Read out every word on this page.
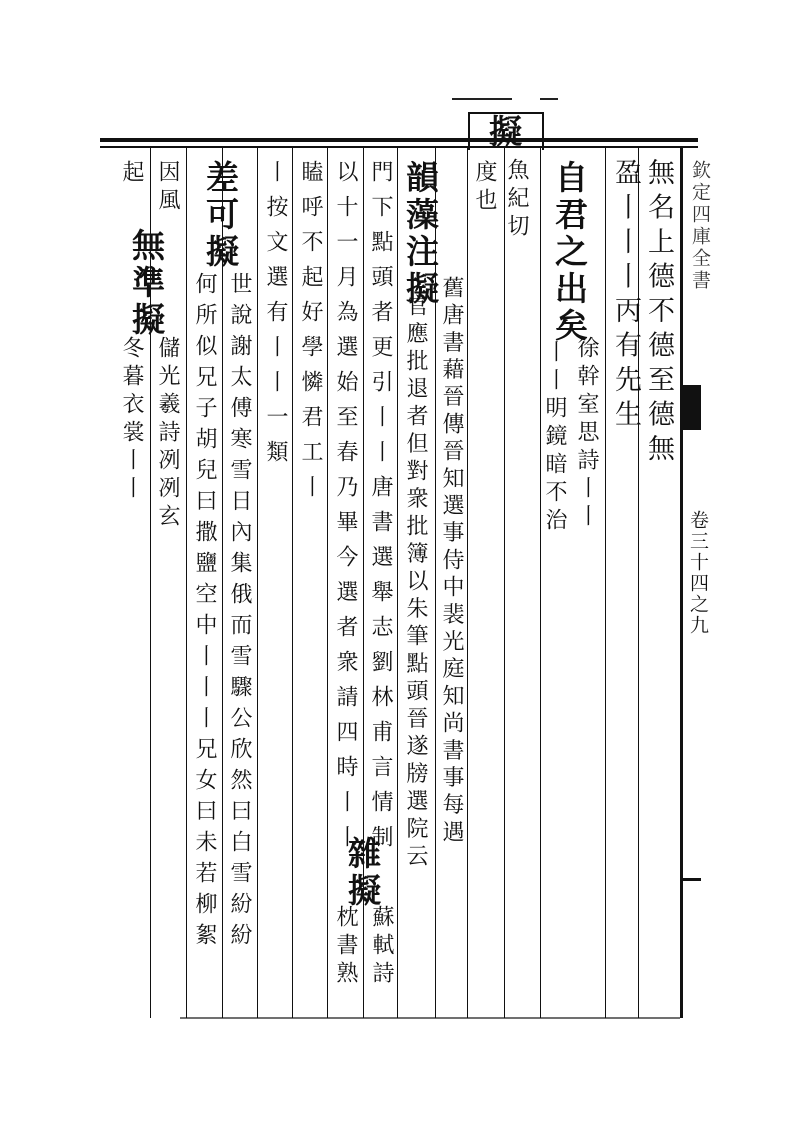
欽定四庫全書
卷三十四之九
無名上德不德至德無
盈丨丨丨丙有先生
自君之出矣
徐幹室思詩丨丨
丨丨明鏡暗不治
擬
魚紀切
度也
韻藻注擬
舊唐書藉晉傳晉知選事侍中裴光庭知尚書事每遇
官應批退者但對衆批簿以朱筆點頭晉遂牓選院云
門下點頭者更引丨丨唐書選舉志劉林甫言情制
以十一月為選始至春乃畢今選者衆請四時丨丨
雜擬
蘇軾詩
瞌呼不起好學憐君工丨
枕書熟
丨按文選有丨丨一類
差可擬
世說謝太傅寒雪日內集俄而雪驟公欣然曰白雪紛紛
何所似兄子胡兒曰撒鹽空中丨丨丨兄女曰未若柳絮
因風
無準擬
儲光羲詩冽冽玄
起
冬暮衣裳丨丨
